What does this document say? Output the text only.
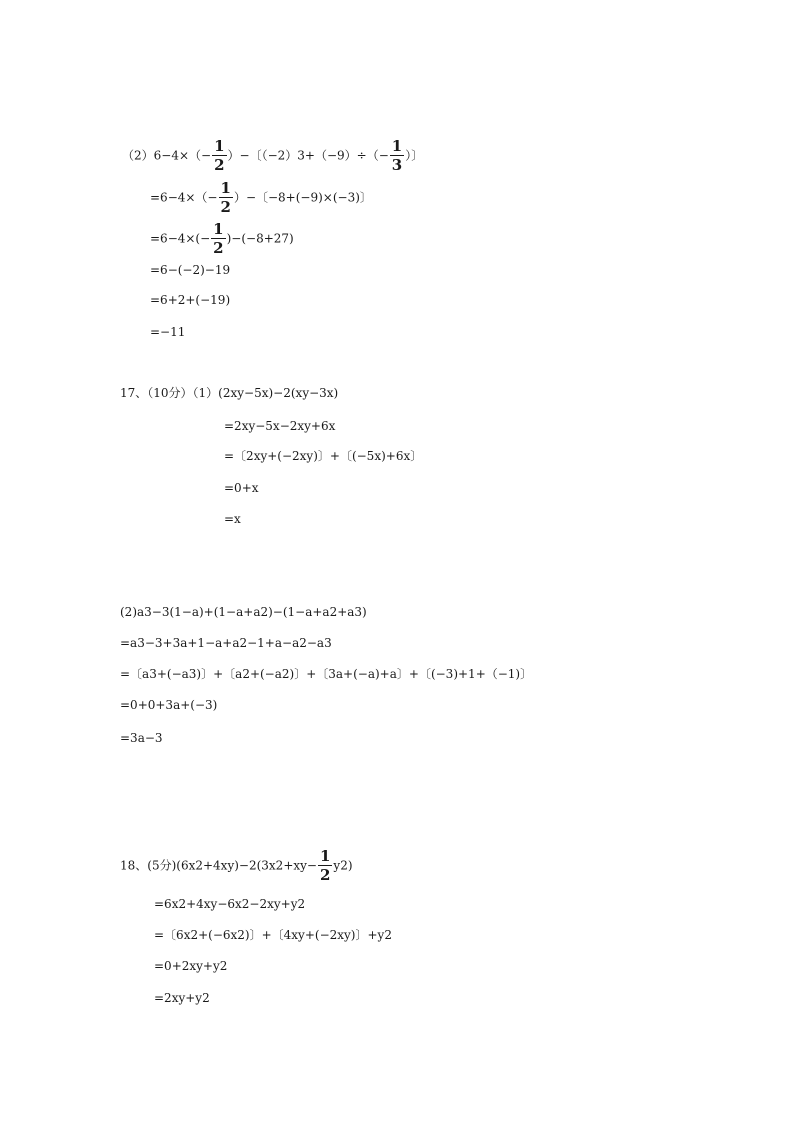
$(2)6-4\times(- \frac{1}{2}$ ）−〔$(-2)3+(-9)\div(- \frac{1}{3}$ ）〕
$=6-4\times(- \frac{1}{2}$ ）−〔−8+(−9)×(−3)〕
$=6-4\times(- \frac{1}{2} )-(-8+27)$
=6−(−2)−19
=6+2+(−19)
=−11
17、（10分）（1）(2xy−5x)−2(xy−3x)
=2xy−5x−2xy+6x
=〔2xy+(−2xy)〕+〔(−5x)+6x〕
=0+x
=x
(2)a3−3(1−a)+(1−a+a2)−(1−a+a2+a3)
=a3−3+3a+1−a+a2−1+a−a2−a3
=〔a3+(−a3)〕+〔a2+(−a2)〕+〔3a+(−a)+a〕+〔(−3)+1+（−1)〕
=0+0+3a+(−3)
=3a−3
18、(5分)$(6x2+4xy)-2(3x2+xy- \frac{1}{2} y2)$
=6x2+4xy−6x2−2xy+y2
=〔6x2+(−6x2)〕+〔4xy+(−2xy)〕+y2
=0+2xy+y2
=2xy+y2
